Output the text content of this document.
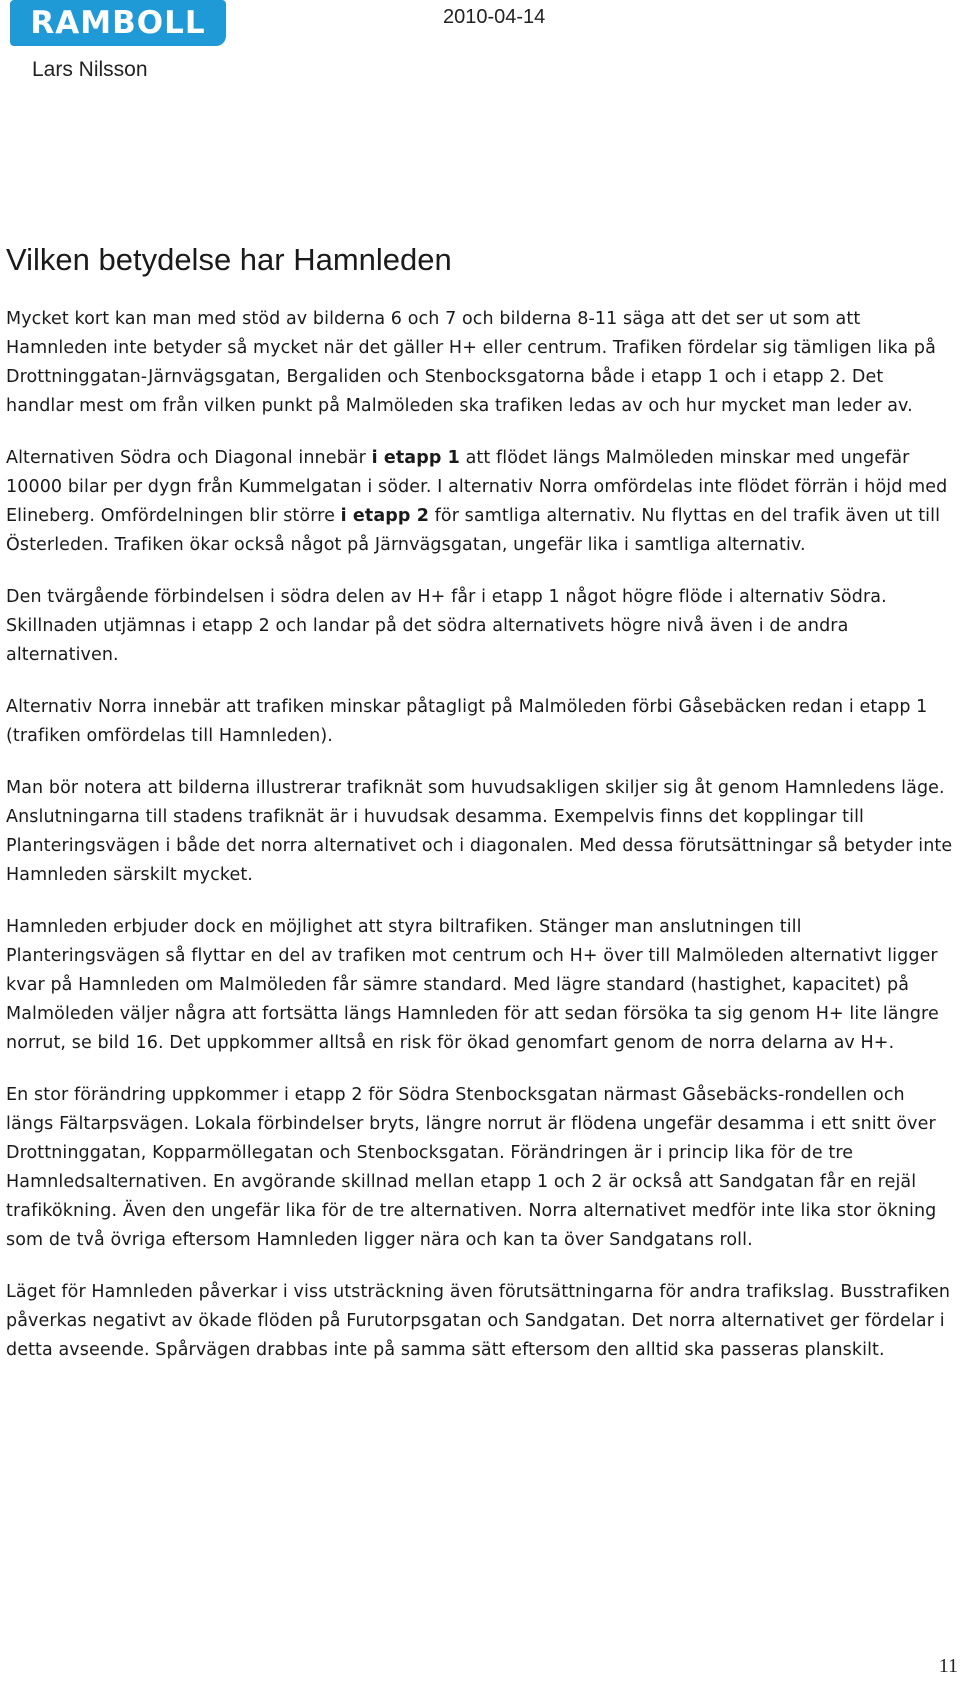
RAMBOLL	2010-04-14
Lars Nilsson
Vilken betydelse har Hamnleden

Mycket kort kan man med stöd av bilderna 6 och 7 och bilderna 8-11 säga att det ser ut som att Hamnleden inte betyder så mycket när det gäller H+ eller centrum. Trafiken fördelar sig tämligen lika på Drottninggatan-Järnvägsgatan, Bergaliden och Stenbocksgatorna både i etapp 1 och i etapp 2. Det handlar mest om från vilken punkt på Malmöleden ska trafiken ledas av och hur mycket man leder av.

Alternativen Södra och Diagonal innebär i etapp 1 att flödet längs Malmöleden minskar med ungefär 10000 bilar per dygn från Kummelgatan i söder. I alternativ Norra omfördelas inte flödet förrän i höjd med Elineberg. Omfördelningen blir större i etapp 2 för samtliga alternativ. Nu flyttas en del trafik även ut till Österleden. Trafiken ökar också något på Järnvägsgatan, ungefär lika i samtliga alternativ.

Den tvärgående förbindelsen i södra delen av H+ får i etapp 1 något högre flöde i alternativ Södra. Skillnaden utjämnas i etapp 2 och landar på det södra alternativets högre nivå även i de andra alternativen.

Alternativ Norra innebär att trafiken minskar påtagligt på Malmöleden förbi Gåsebäcken redan i etapp 1 (trafiken omfördelas till Hamnleden).

Man bör notera att bilderna illustrerar trafiknät som huvudsakligen skiljer sig åt genom Hamnledens läge. Anslutningarna till stadens trafiknät är i huvudsak desamma. Exempelvis finns det kopplingar till Planteringsvägen i både det norra alternativet och i diagonalen. Med dessa förutsättningar så betyder inte Hamnleden särskilt mycket.

Hamnleden erbjuder dock en möjlighet att styra biltrafiken. Stänger man anslutningen till Planteringsvägen så flyttar en del av trafiken mot centrum och H+ över till Malmöleden alternativt ligger kvar på Hamnleden om Malmöleden får sämre standard. Med lägre standard (hastighet, kapacitet) på Malmöleden väljer några att fortsätta längs Hamnleden för att sedan försöka ta sig genom H+ lite längre norrut, se bild 16. Det uppkommer alltså en risk för ökad genomfart genom de norra delarna av H+.

En stor förändring uppkommer i etapp 2 för Södra Stenbocksgatan närmast Gåsebäcks-rondellen och längs Fältarpsvägen. Lokala förbindelser bryts, längre norrut är flödena ungefär desamma i ett snitt över Drottninggatan, Kopparmöllegatan och Stenbocksgatan. Förändringen är i princip lika för de tre Hamnledsalternativen. En avgörande skillnad mellan etapp 1 och 2 är också att Sandgatan får en rejäl trafikökning. Även den ungefär lika för de tre alternativen. Norra alternativet medför inte lika stor ökning som de två övriga eftersom Hamnleden ligger nära och kan ta över Sandgatans roll.

Läget för Hamnleden påverkar i viss utsträckning även förutsättningarna för andra trafikslag. Busstrafiken påverkas negativt av ökade flöden på Furutorpsgatan och Sandgatan. Det norra alternativet ger fördelar i detta avseende. Spårvägen drabbas inte på samma sätt eftersom den alltid ska passeras planskilt.

11
